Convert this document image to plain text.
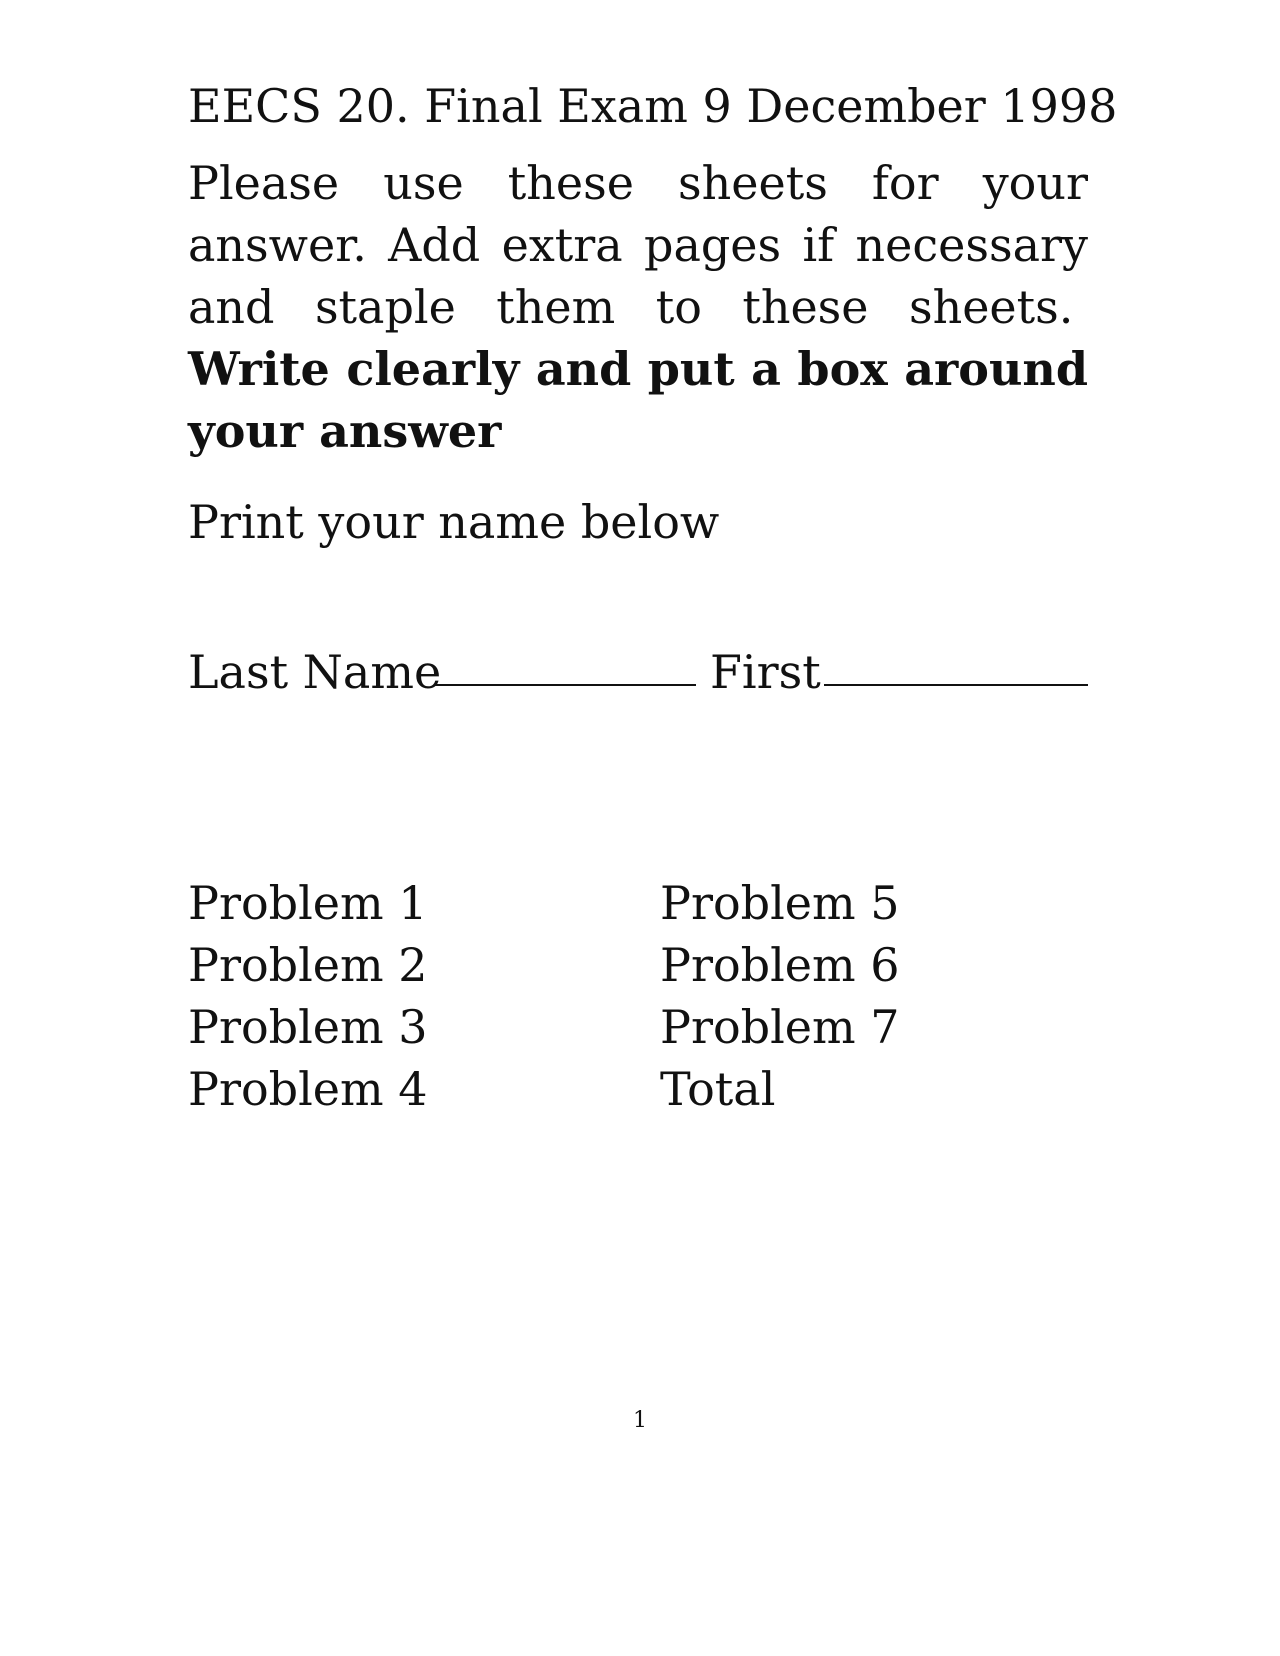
EECS 20. Final Exam 9 December 1998
Please use these sheets for your answer. Add extra pages if necessary and staple them to these sheets.  Write clearly and put a box around your answer
Print your name below
Last Name	First
Problem 1
Problem 2
Problem 3
Problem 4
Problem 5
Problem 6
Problem 7
Total
1
